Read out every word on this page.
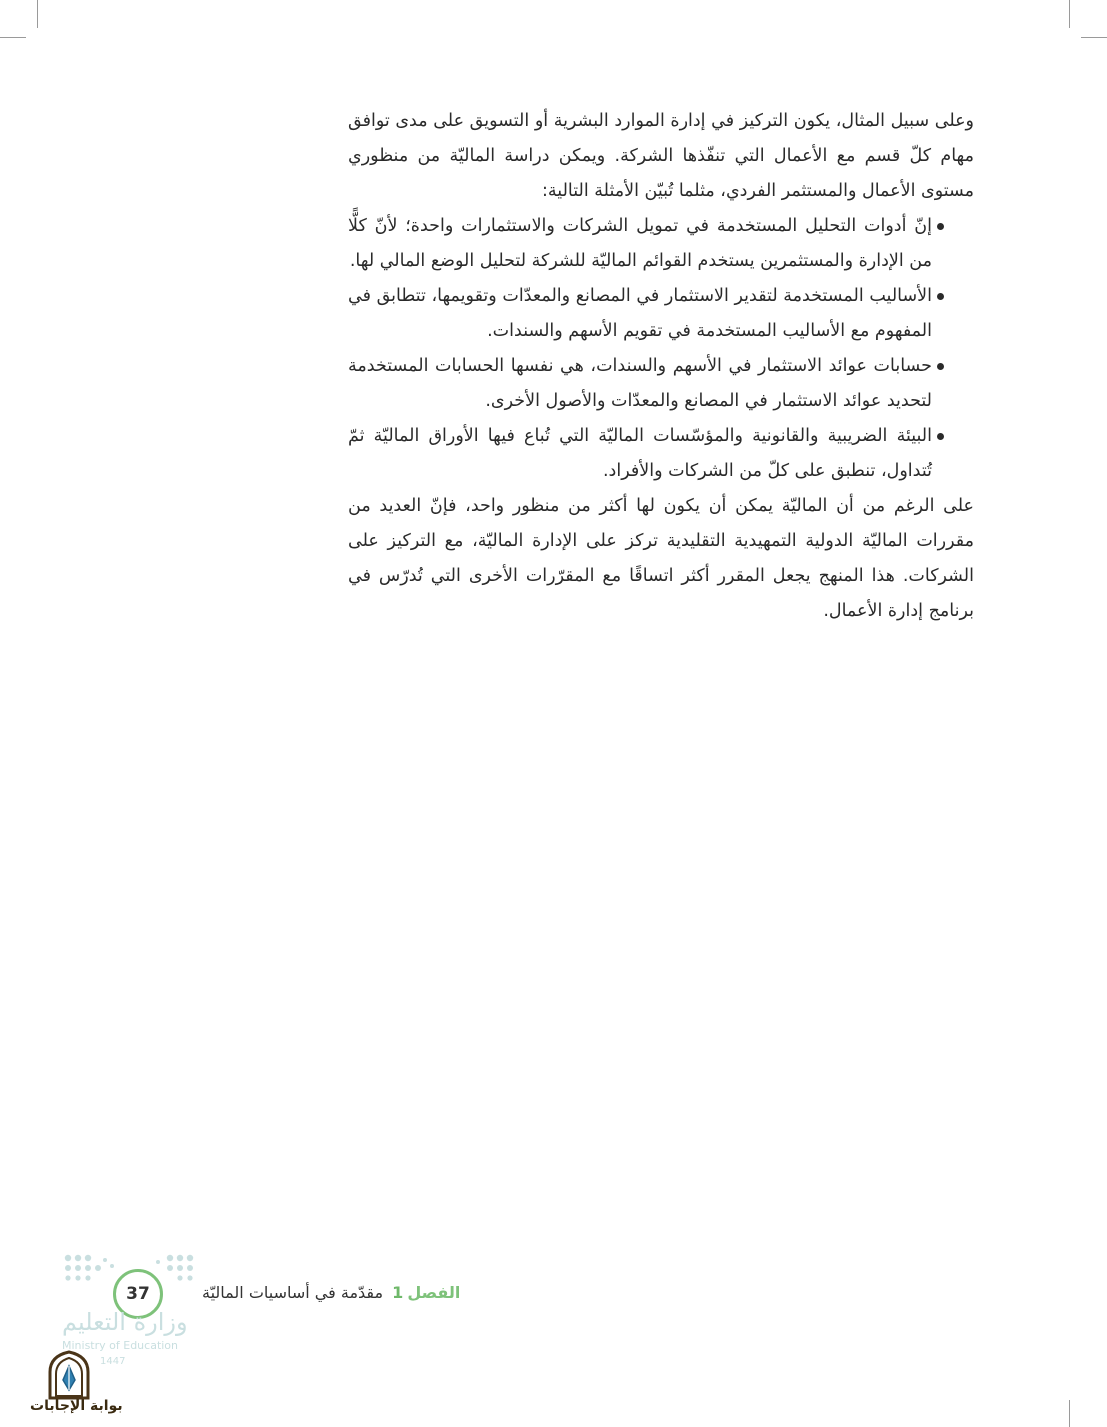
وعلى سبيل المثال، يكون التركيز في إدارة الموارد البشرية أو التسويق على مدى توافق مهام كلّ قسم مع الأعمال التي تنفّذها الشركة. ويمكن دراسة الماليّة من منظوري مستوى الأعمال والمستثمر الفردي، مثلما تُبيّن الأمثلة التالية:

إنّ أدوات التحليل المستخدمة في تمويل الشركات والاستثمارات واحدة؛ لأنّ كلًّا من الإدارة والمستثمرين يستخدم القوائم الماليّة للشركة لتحليل الوضع المالي لها.
الأساليب المستخدمة لتقدير الاستثمار في المصانع والمعدّات وتقويمها، تتطابق في المفهوم مع الأساليب المستخدمة في تقويم الأسهم والسندات.
حسابات عوائد الاستثمار في الأسهم والسندات، هي نفسها الحسابات المستخدمة لتحديد عوائد الاستثمار في المصانع والمعدّات والأصول الأخرى.
البيئة الضريبية والقانونية والمؤسّسات الماليّة التي تُباع فيها الأوراق الماليّة ثمّ تُتداول، تنطبق على كلّ من الشركات والأفراد.

على الرغم من أن الماليّة يمكن أن يكون لها أكثر من منظور واحد، فإنّ العديد من مقررات الماليّة الدولية التمهيدية التقليدية تركز على الإدارة الماليّة، مع التركيز على الشركات. هذا المنهج يجعل المقرر أكثر اتساقًا مع المقرّرات الأخرى التي تُدرّس في برنامج إدارة الأعمال.

37	الفصل1 مقدّمة في أساسيات الماليّة
وزارة التعليم
Ministry of Education
1447
بوابة الإجابات
